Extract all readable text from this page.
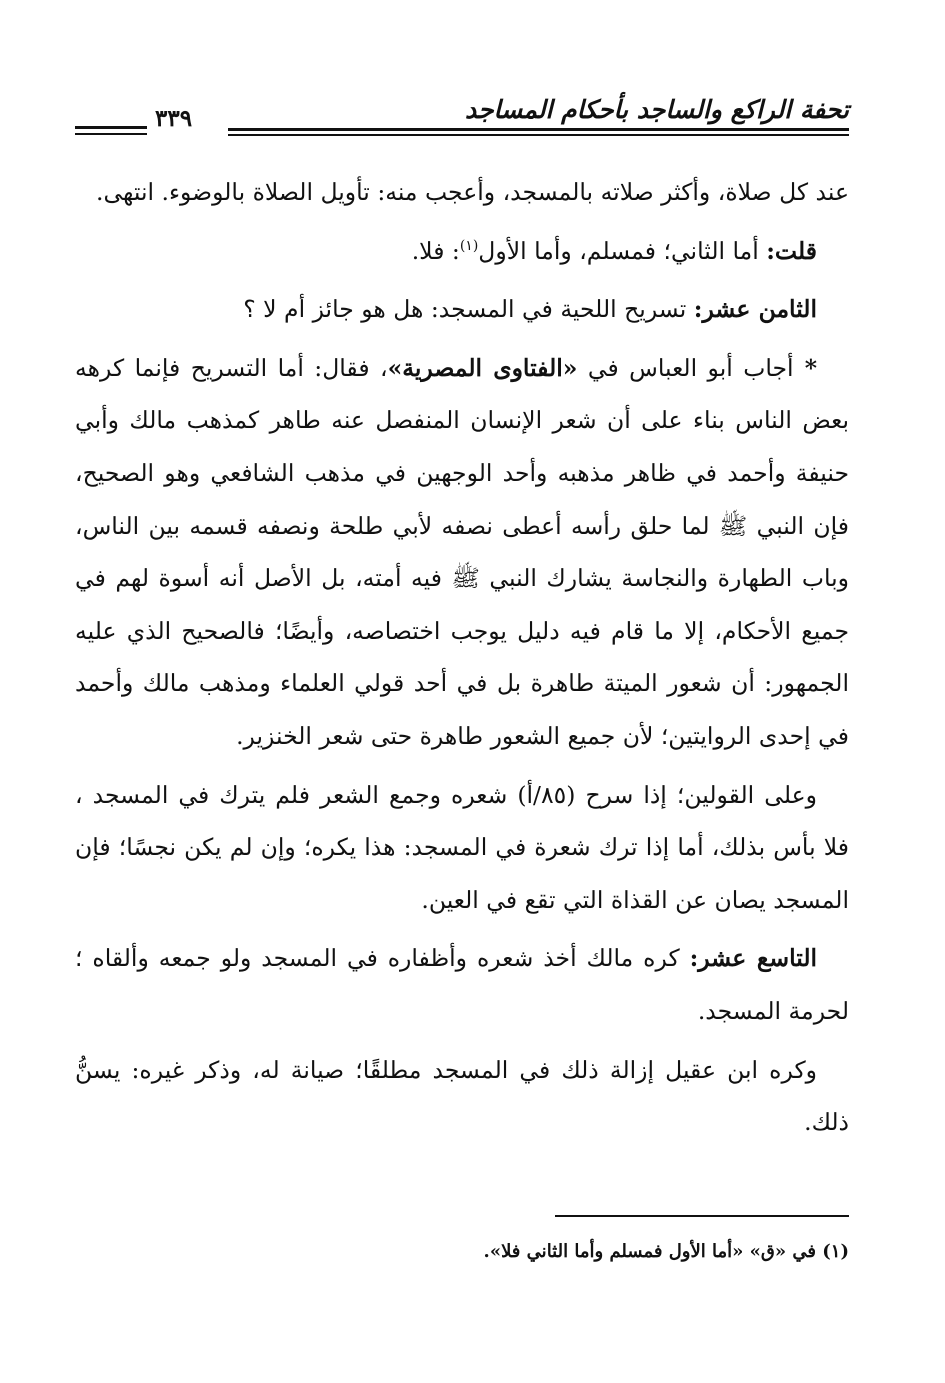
تحفة الراكع والساجد بأحكام المساجد
٣٣٩

عند كل صلاة، وأكثر صلاته بالمسجد، وأعجب منه: تأويل الصلاة بالوضوء. انتهى.

قلت: أما الثاني؛ فمسلم، وأما الأول$^{(١)}$: فلا.

الثامن عشر: تسريح اللحية في المسجد: هل هو جائز أم لا ؟

* أجاب أبو العباس في «الفتاوى المصرية»، فقال: أما التسريح فإنما كرهه بعض الناس بناء على أن شعر الإنسان المنفصل عنه طاهر كمذهب مالك وأبي حنيفة وأحمد في ظاهر مذهبه وأحد الوجهين في مذهب الشافعي وهو الصحيح، فإن النبي ﷺ لما حلق رأسه أعطى نصفه لأبي طلحة ونصفه قسمه بين الناس، وباب الطهارة والنجاسة يشارك النبي ﷺ فيه أمته، بل الأصل أنه أسوة لهم في جميع الأحكام، إلا ما قام فيه دليل يوجب اختصاصه، وأيضًا؛ فالصحيح الذي عليه الجمهور: أن شعور الميتة طاهرة بل في أحد قولي العلماء ومذهب مالك وأحمد في إحدى الروايتين؛ لأن جميع الشعور طاهرة حتى شعر الخنزير.

وعلى القولين؛ إذا سرح (٨٥/أ) شعره وجمع الشعر فلم يترك في المسجد ، فلا بأس بذلك، أما إذا ترك شعرة في المسجد: هذا يكره؛ وإن لم يكن نجسًا؛ فإن المسجد يصان عن القذاة التي تقع في العين.

التاسع عشر: كره مالك أخذ شعره وأظفاره في المسجد ولو جمعه وألقاه ؛ لحرمة المسجد.

وكره ابن عقيل إزالة ذلك في المسجد مطلقًا؛ صيانة له، وذكر غيره: يسنُّ ذلك.

(١) في «ق» «أما الأول فمسلم وأما الثاني فلا».
